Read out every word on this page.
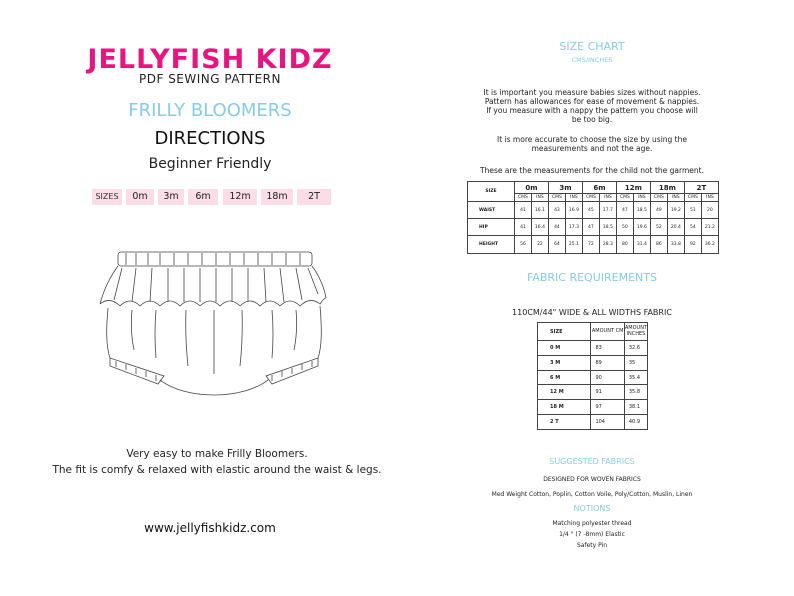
JELLYFISH KIDZ
PDF SEWING PATTERN
FRILLY BLOOMERS
DIRECTIONS
Beginner Friendly
SIZES	0m	3m	6m	12m	18m	2T
Very easy to make Frilly Bloomers.
The fit is comfy & relaxed with elastic around the waist & legs.
www.jellyfishkidz.com
SIZE CHART
CMS/INCHES
It is important you measure babies sizes without nappies.
Pattern has allowances for ease of movement & nappies.
If you measure with a nappy the pattern you choose will
be too big.
It is more accurate to choose the size by using the
measurements and not the age.
These are the measurements for the child not the garment.
SIZE	0m		3m		6m		12m		18m		2T	
	CMS	INS	CMS	INS	CMS	INS	CMS	INS	CMS	INS	CMS	INS
WAIST	41	16.1	43	16.9	45	17.7	47	18.5	49	19.2	51	20
HIP	41	16.4	44	17.3	47	18.5	50	19.6	52	20.4	54	21.2
HEIGHT	56	22	64	25.1	72	28.3	80	31.4	86	33.8	92	36.2
FABRIC REQUIREMENTS
110CM/44" WIDE & ALL WIDTHS FABRIC
SIZE	AMOUNT CM	AMOUNT INCHES
0 M	83	32.6
3 M	89	35
6 M	90	35.4
12 M	91	35.8
18 M	97	38.1
2 T	104	40.9
SUGGESTED FABRICS
DESIGNED FOR WOVEN FABRICS
Med Weight Cotton, Poplin, Cotton Voile, Poly/Cotton, Muslin, Linen
NOTIONS
Matching polyester thread
1/4 " (7 -8mm) Elastic
Safety Pin
